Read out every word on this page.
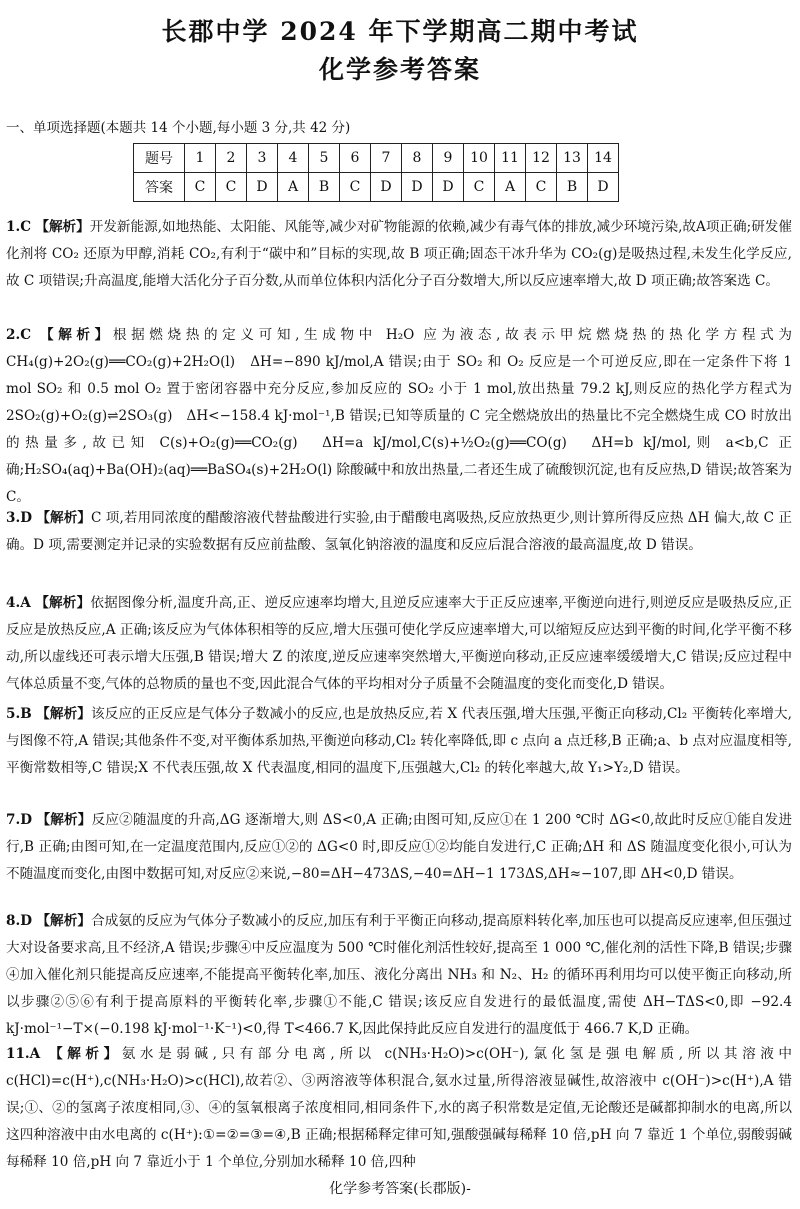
长郡中学 2024 年下学期高二期中考试
化学参考答案
一、单项选择题(本题共 14 个小题,每小题 3 分,共 42 分)
题号	1	2	3	4	5	6	7	8	9	10	11	12	13	14
答案	C	C	D	A	B	C	D	D	D	C	A	C	B	D
1.C 【解析】开发新能源,如地热能、太阳能、风能等,减少对矿物能源的依赖,减少有毒气体的排放,减少环境污染,故A项正确;研发催化剂将 CO₂ 还原为甲醇,消耗 CO₂,有利于“碳中和”目标的实现,故 B 项正确;固态干冰升华为 CO₂(g)是吸热过程,未发生化学反应,故 C 项错误;升高温度,能增大活化分子百分数,从而单位体积内活化分子百分数增大,所以反应速率增大,故 D 项正确;故答案选 C。
2.C 【解析】根据燃烧热的定义可知,生成物中 H₂O 应为液态,故表示甲烷燃烧热的热化学方程式为 CH₄(g)+2O₂(g)══CO₂(g)+2H₂O(l)　ΔH=−890 kJ/mol,A 错误;由于 SO₂ 和 O₂ 反应是一个可逆反应,即在一定条件下将 1 mol SO₂ 和 0.5 mol O₂ 置于密闭容器中充分反应,参加反应的 SO₂ 小于 1 mol,放出热量 79.2 kJ,则反应的热化学方程式为 2SO₂(g)+O₂(g)⇌2SO₃(g)　ΔH<−158.4 kJ·mol⁻¹,B 错误;已知等质量的 C 完全燃烧放出的热量比不完全燃烧生成 CO 时放出的热量多,故已知 C(s)+O₂(g)══CO₂(g)　ΔH=a kJ/mol,C(s)+½O₂(g)══CO(g)　ΔH=b kJ/mol,则 a<b,C 正确;H₂SO₄(aq)+Ba(OH)₂(aq)══BaSO₄(s)+2H₂O(l) 除酸碱中和放出热量,二者还生成了硫酸钡沉淀,也有反应热,D 错误;故答案为 C。
3.D 【解析】C 项,若用同浓度的醋酸溶液代替盐酸进行实验,由于醋酸电离吸热,反应放热更少,则计算所得反应热 ΔH 偏大,故 C 正确。D 项,需要测定并记录的实验数据有反应前盐酸、氢氧化钠溶液的温度和反应后混合溶液的最高温度,故 D 错误。
4.A 【解析】依据图像分析,温度升高,正、逆反应速率均增大,且逆反应速率大于正反应速率,平衡逆向进行,则逆反应是吸热反应,正反应是放热反应,A 正确;该反应为气体体积相等的反应,增大压强可使化学反应速率增大,可以缩短反应达到平衡的时间,化学平衡不移动,所以虚线还可表示增大压强,B 错误;增大 Z 的浓度,逆反应速率突然增大,平衡逆向移动,正反应速率缓缓增大,C 错误;反应过程中气体总质量不变,气体的总物质的量也不变,因此混合气体的平均相对分子质量不会随温度的变化而变化,D 错误。
5.B 【解析】该反应的正反应是气体分子数减小的反应,也是放热反应,若 X 代表压强,增大压强,平衡正向移动,Cl₂ 平衡转化率增大,与图像不符,A 错误;其他条件不变,对平衡体系加热,平衡逆向移动,Cl₂ 转化率降低,即 c 点向 a 点迁移,B 正确;a、b 点对应温度相等,平衡常数相等,C 错误;X 不代表压强,故 X 代表温度,相同的温度下,压强越大,Cl₂ 的转化率越大,故 Y₁>Y₂,D 错误。
7.D 【解析】反应②随温度的升高,ΔG 逐渐增大,则 ΔS<0,A 正确;由图可知,反应①在 1 200 ℃时 ΔG<0,故此时反应①能自发进行,B 正确;由图可知,在一定温度范围内,反应①②的 ΔG<0 时,即反应①②均能自发进行,C 正确;ΔH 和 ΔS 随温度变化很小,可认为不随温度而变化,由图中数据可知,对反应②来说,−80=ΔH−473ΔS,−40=ΔH−1 173ΔS,ΔH≈−107,即 ΔH<0,D 错误。
8.D 【解析】合成氨的反应为气体分子数减小的反应,加压有利于平衡正向移动,提高原料转化率,加压也可以提高反应速率,但压强过大对设备要求高,且不经济,A 错误;步骤④中反应温度为 500 ℃时催化剂活性较好,提高至 1 000 ℃,催化剂的活性下降,B 错误;步骤④加入催化剂只能提高反应速率,不能提高平衡转化率,加压、液化分离出 NH₃ 和 N₂、H₂ 的循环再利用均可以使平衡正向移动,所以步骤②⑤⑥有利于提高原料的平衡转化率,步骤①不能,C 错误;该反应自发进行的最低温度,需使 ΔH−TΔS<0,即 −92.4 kJ·mol⁻¹−T×(−0.198 kJ·mol⁻¹·K⁻¹)<0,得 T<466.7 K,因此保持此反应自发进行的温度低于 466.7 K,D 正确。
11.A 【解析】氨水是弱碱,只有部分电离,所以 c(NH₃·H₂O)>c(OH⁻),氯化氢是强电解质,所以其溶液中 c(HCl)=c(H⁺),c(NH₃·H₂O)>c(HCl),故若②、③两溶液等体积混合,氨水过量,所得溶液显碱性,故溶液中 c(OH⁻)>c(H⁺),A 错误;①、②的氢离子浓度相同,③、④的氢氧根离子浓度相同,相同条件下,水的离子积常数是定值,无论酸还是碱都抑制水的电离,所以这四种溶液中由水电离的 c(H⁺):①=②=③=④,B 正确;根据稀释定律可知,强酸强碱每稀释 10 倍,pH 向 7 靠近 1 个单位,弱酸弱碱每稀释 10 倍,pH 向 7 靠近小于 1 个单位,分别加水稀释 10 倍,四种
化学参考答案(长郡版)-
